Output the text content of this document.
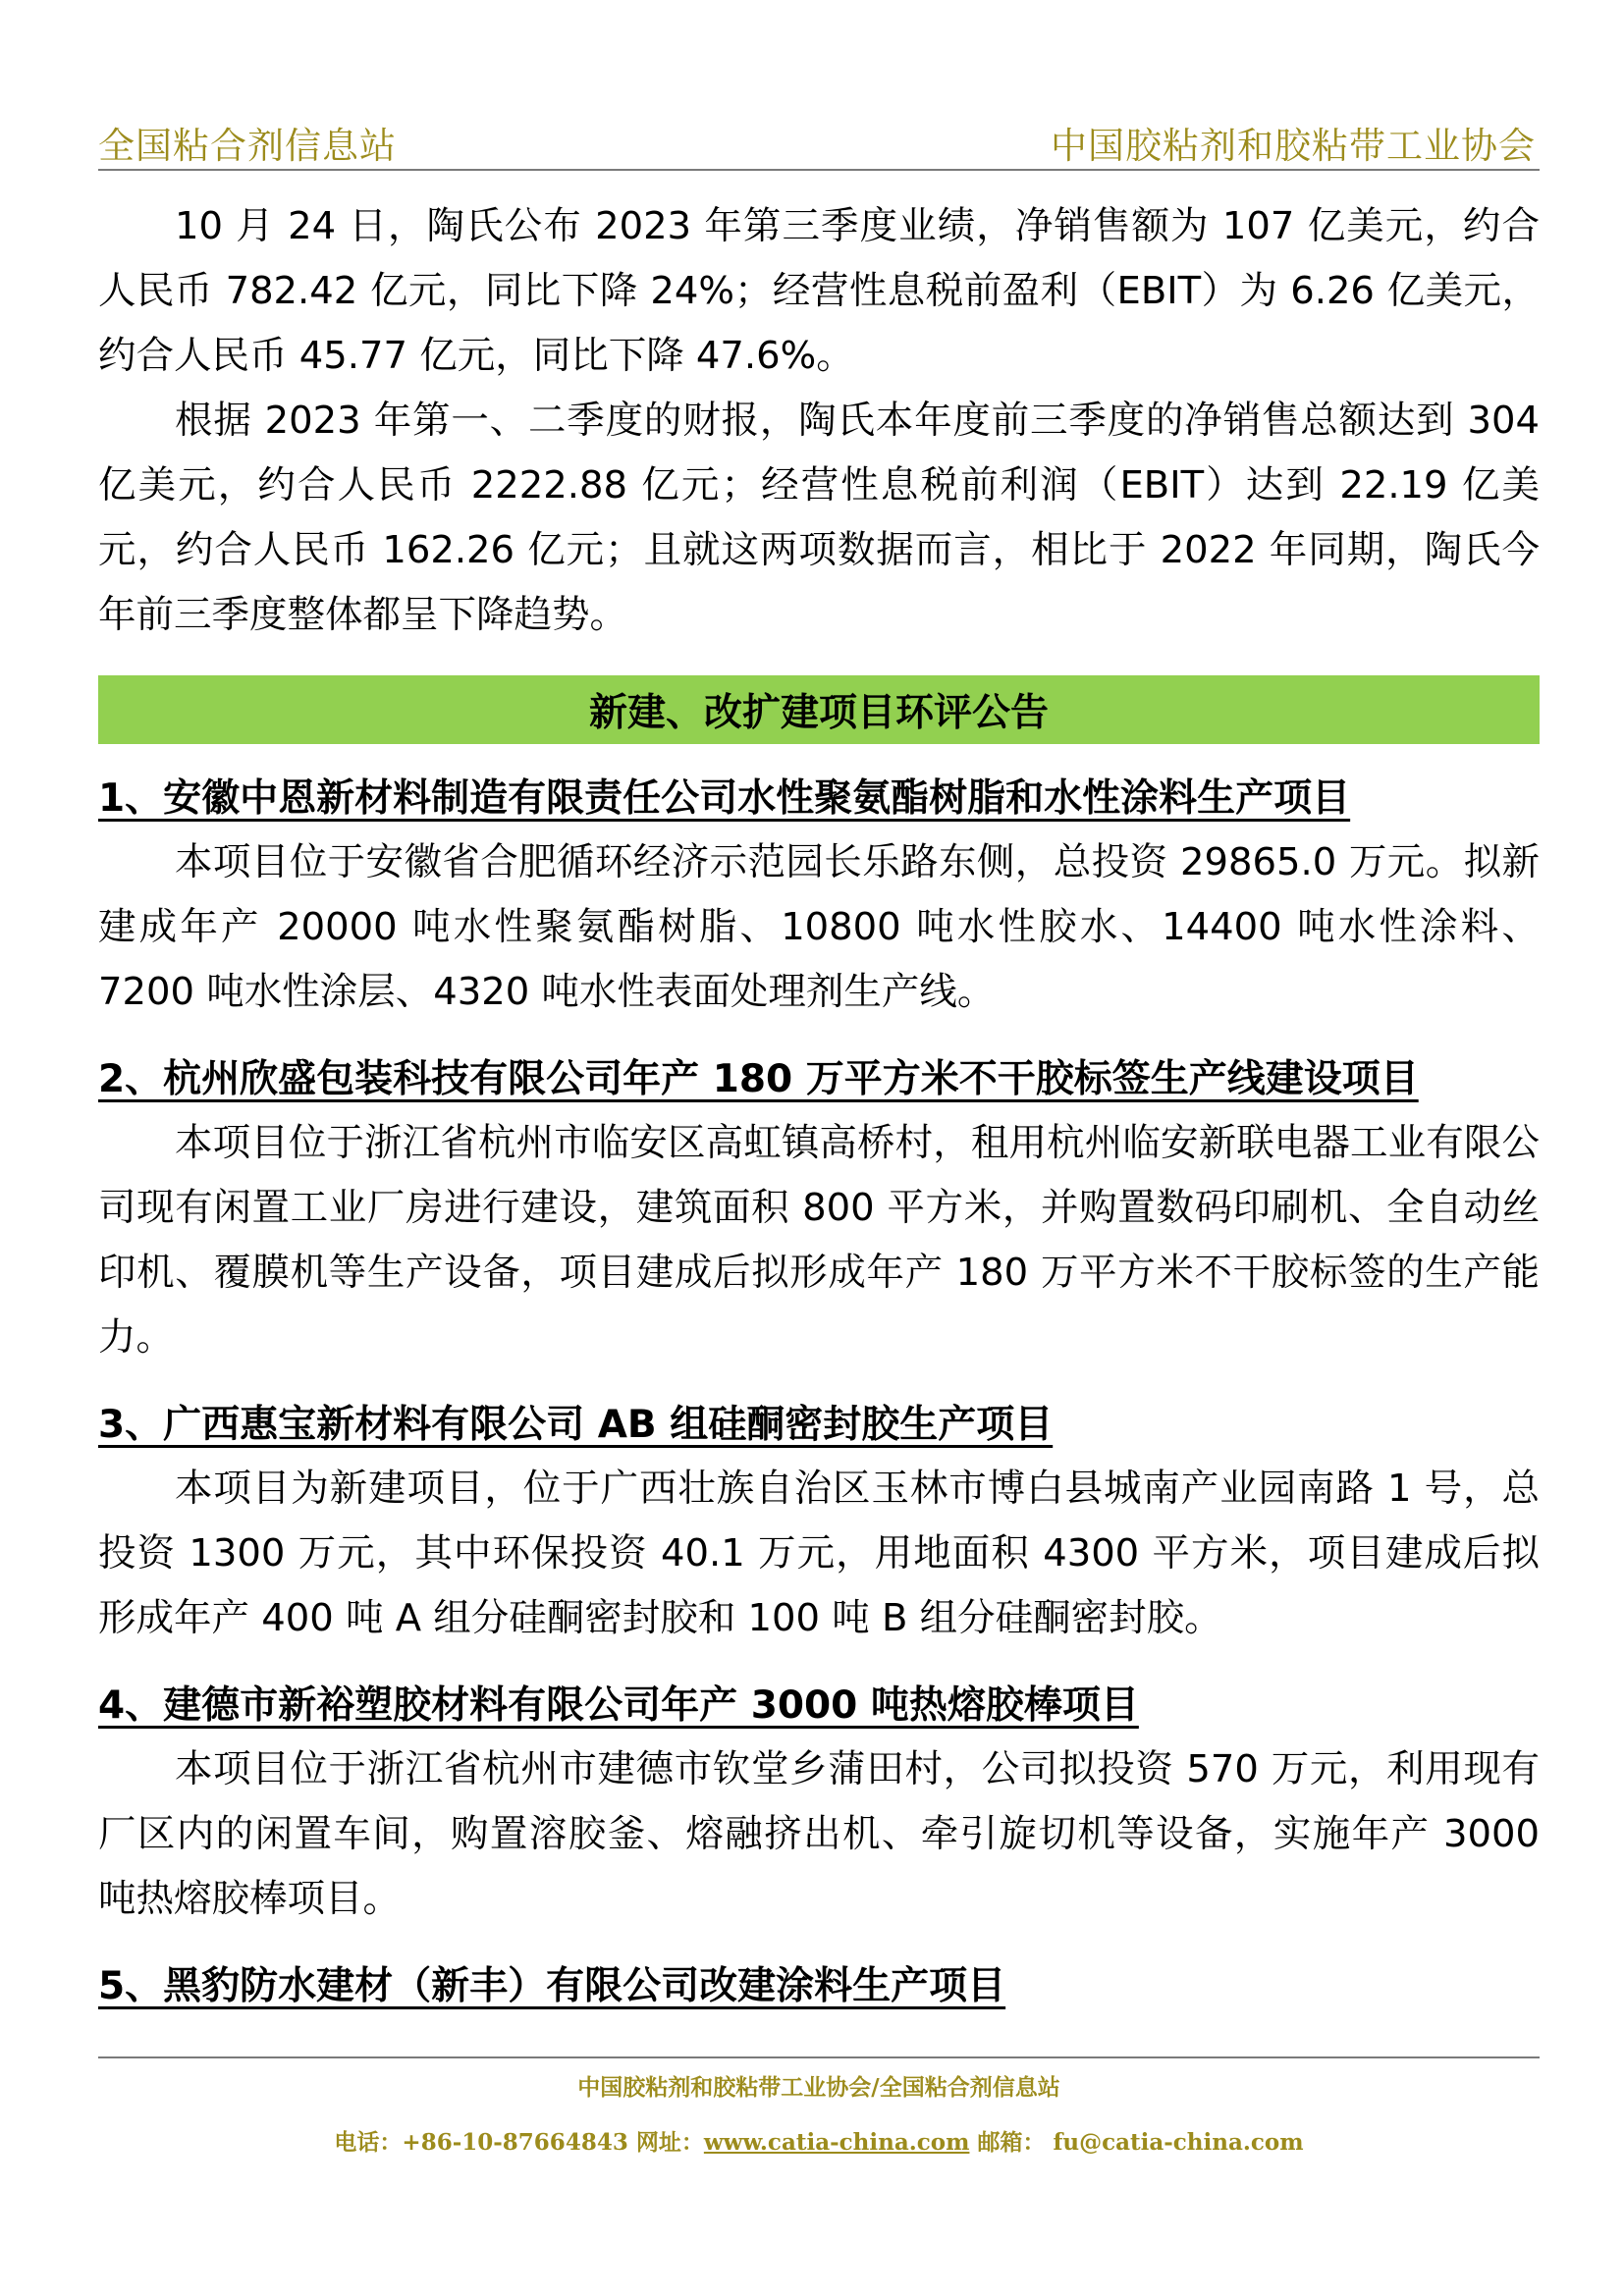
全国粘合剂信息站	中国胶粘剂和胶粘带工业协会

10 月 24 日，陶氏公布 2023 年第三季度业绩，净销售额为 107 亿美元，约合人民币 782.42 亿元，同比下降 24%；经营性息税前盈利（EBIT）为 6.26 亿美元，约合人民币 45.77 亿元，同比下降 47.6%。

根据 2023 年第一、二季度的财报，陶氏本年度前三季度的净销售总额达到 304 亿美元，约合人民币 2222.88 亿元；经营性息税前利润（EBIT）达到 22.19 亿美元，约合人民币 162.26 亿元；且就这两项数据而言，相比于 2022 年同期，陶氏今年前三季度整体都呈下降趋势。

新建、改扩建项目环评公告
1、安徽中恩新材料制造有限责任公司水性聚氨酯树脂和水性涂料生产项目

本项目位于安徽省合肥循环经济示范园长乐路东侧，总投资 29865.0 万元。拟新建成年产 20000 吨水性聚氨酯树脂、10800 吨水性胶水、14400 吨水性涂料、7200 吨水性涂层、4320 吨水性表面处理剂生产线。

2、杭州欣盛包装科技有限公司年产 180 万平方米不干胶标签生产线建设项目

本项目位于浙江省杭州市临安区高虹镇高桥村，租用杭州临安新联电器工业有限公司现有闲置工业厂房进行建设，建筑面积 800 平方米，并购置数码印刷机、全自动丝印机、覆膜机等生产设备，项目建成后拟形成年产 180 万平方米不干胶标签的生产能力。

3、广西惠宝新材料有限公司 AB 组硅酮密封胶生产项目

本项目为新建项目，位于广西壮族自治区玉林市博白县城南产业园南路 1 号，总投资 1300 万元，其中环保投资 40.1 万元，用地面积 4300 平方米，项目建成后拟形成年产 400 吨 A 组分硅酮密封胶和 100 吨 B 组分硅酮密封胶。

4、建德市新裕塑胶材料有限公司年产 3000 吨热熔胶棒项目

本项目位于浙江省杭州市建德市钦堂乡蒲田村，公司拟投资 570 万元，利用现有厂区内的闲置车间，购置溶胶釜、熔融挤出机、牵引旋切机等设备，实施年产 3000 吨热熔胶棒项目。

5、黑豹防水建材（新丰）有限公司改建涂料生产项目
中国胶粘剂和胶粘带工业协会/全国粘合剂信息站
电话：+86-10-87664843 网址：www.catia-china.com 邮箱： fu@catia-china.com
